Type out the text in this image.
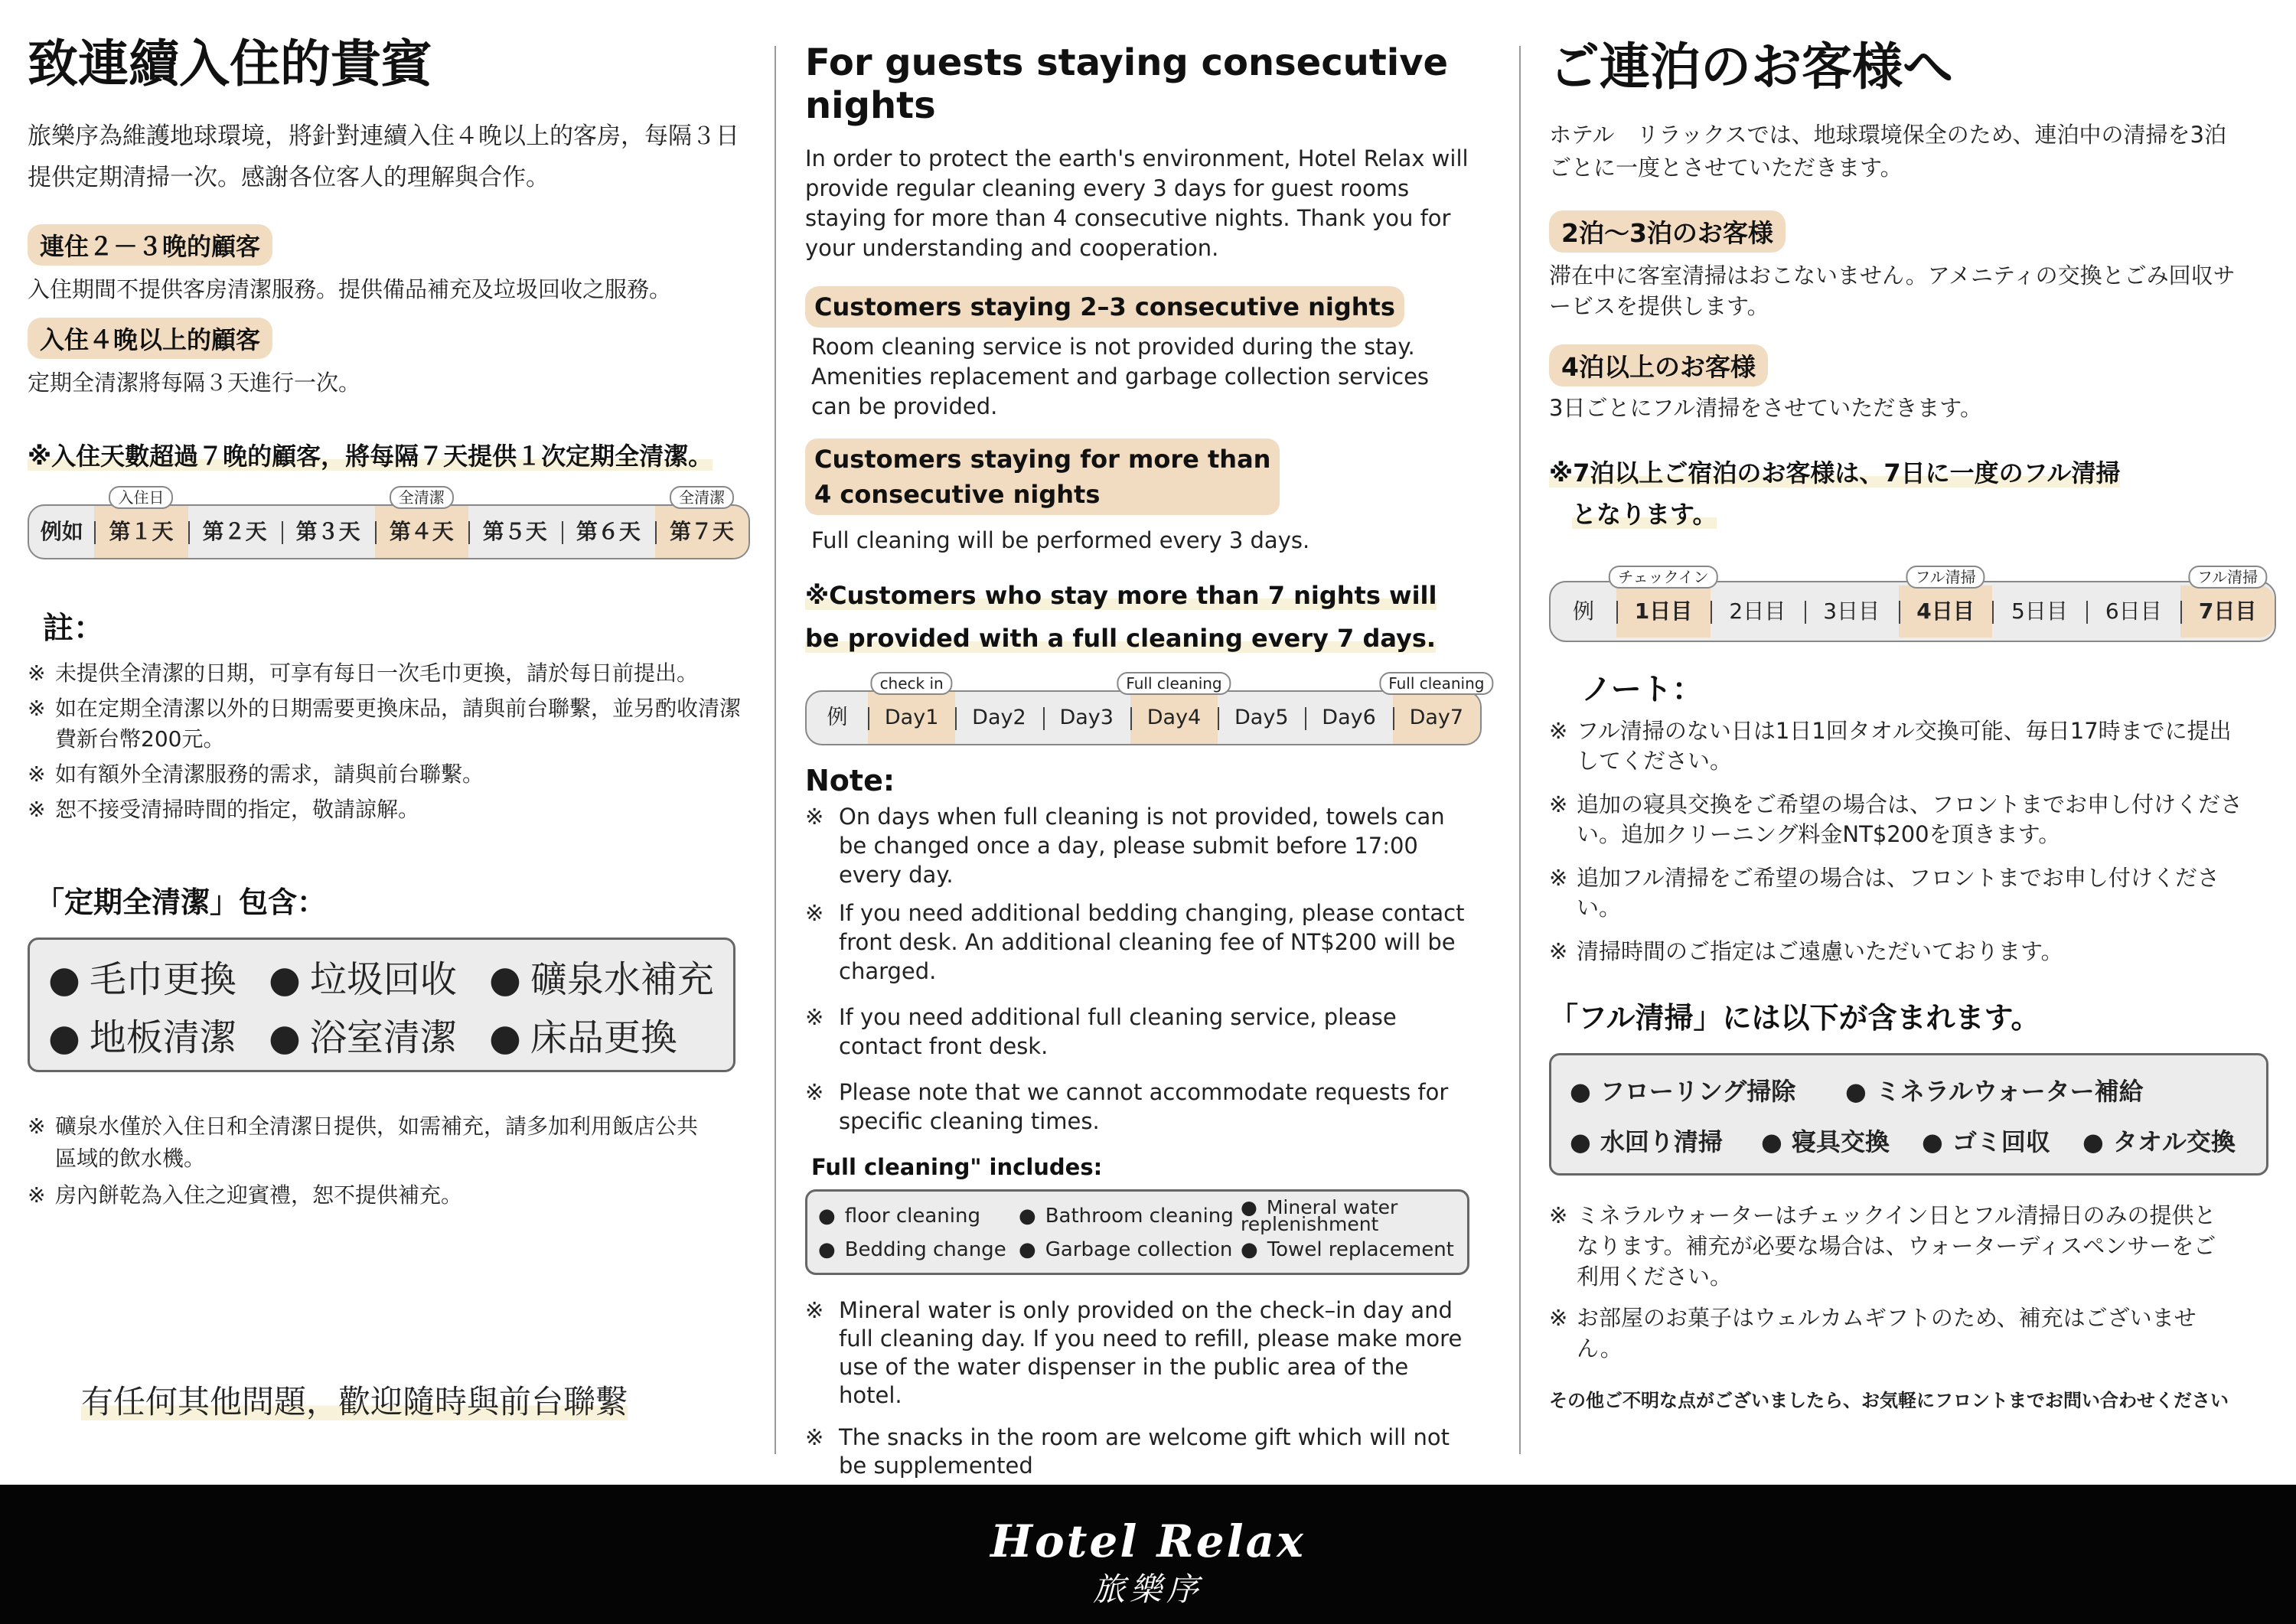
致連續入住的貴賓

旅樂序為維護地球環境，將針對連續入住４晚以上的客房，每隔３日提供定期清掃一次。感謝各位客人的理解與合作。

連住２－３晚的顧客

入住期間不提供客房清潔服務。提供備品補充及垃圾回收之服務。

入住４晚以上的顧客

定期全清潔將每隔３天進行一次。

※入住天數超過７晚的顧客，將每隔７天提供１次定期全清潔。

例如
入住日
第１天	第２天	第３天
全清潔
第４天	第５天	第６天
全清潔
第７天

註：

※ 未提供全清潔的日期，可享有每日一次毛巾更換，請於每日前提出。

※ 如在定期全清潔以外的日期需要更換床品，請與前台聯繫，並另酌收清潔費新台幣200元。

※ 如有額外全清潔服務的需求，請與前台聯繫。

※ 恕不接受清掃時間的指定，敬請諒解。

「定期全清潔」包含：

● 毛巾更換	● 垃圾回收	● 礦泉水補充
● 地板清潔	● 浴室清潔	● 床品更換

※ 礦泉水僅於入住日和全清潔日提供，如需補充，請多加利用飯店公共區域的飲水機。

※ 房內餅乾為入住之迎賓禮，恕不提供補充。

有任何其他問題，歡迎隨時與前台聯繫

For guests staying consecutive nights

In order to protect the earth's environment, Hotel Relax will provide regular cleaning every 3 days for guest rooms staying for more than 4 consecutive nights. Thank you for your understanding and cooperation.

Customers staying 2–3 consecutive nights

Room cleaning service is not provided during the stay. Amenities replacement and garbage collection services can be provided.

Customers staying for more than
4 consecutive nights

Full cleaning will be performed every 3 days.

※Customers who stay more than 7 nights will
be provided with a full cleaning every 7 days.
例
check in
Day1	Day2	Day3
Full cleaning
Day4	Day5	Day6
Full cleaning
Day7

Note:

※ On days when full cleaning is not provided, towels can be changed once a day, please submit before 17:00 every day.

※ If you need additional bedding changing, please contact front desk. An additional cleaning fee of NT$200 will be charged.

※ If you need additional full cleaning service, please contact front desk.

※ Please note that we cannot accommodate requests for specific cleaning times.

Full cleaning" includes:

● floor cleaning	● Bathroom cleaning	● Mineral water replenishment
● Bedding change	● Garbage collection	● Towel replacement

※ Mineral water is only provided on the check–in day and full cleaning day. If you need to refill, please make more use of the water dispenser in the public area of the hotel.

※ The snacks in the room are welcome gift which will not be supplemented

ご連泊のお客様へ

ホテル　リラックスでは、地球環境保全のため、連泊中の清掃を3泊ごとに一度とさせていただきます。

2泊～3泊のお客様

滞在中に客室清掃はおこないません。アメニティの交換とごみ回収サービスを提供します。

4泊以上のお客様

3日ごとにフル清掃をさせていただきます。

※7泊以上ご宿泊のお客様は、7日に一度のフル清掃
となります。
例
チェックイン
1日目	2日目	3日目
フル清掃
4日目	5日目	6日目
フル清掃
7日目

ノート：

※ フル清掃のない日は1日1回タオル交換可能、毎日17時までに提出してください。

※ 追加の寝具交換をご希望の場合は、フロントまでお申し付けください。追加クリーニング料金NT$200を頂きます。

※ 追加フル清掃をご希望の場合は、フロントまでお申し付けください。

※ 清掃時間のご指定はご遠慮いただいております。

「フル清掃」には以下が含まれます。

● フローリング掃除	● ミネラルウォーター補給
● 水回り清掃	● 寝具交換	● ゴミ回収	● タオル交換

※ ミネラルウォーターはチェックイン日とフル清掃日のみの提供となります。補充が必要な場合は、ウォーターディスペンサーをご利用ください。

※ お部屋のお菓子はウェルカムギフトのため、補充はございません。

その他ご不明な点がございましたら、お気軽にフロントまでお問い合わせください

Hotel Relax
旅樂序
